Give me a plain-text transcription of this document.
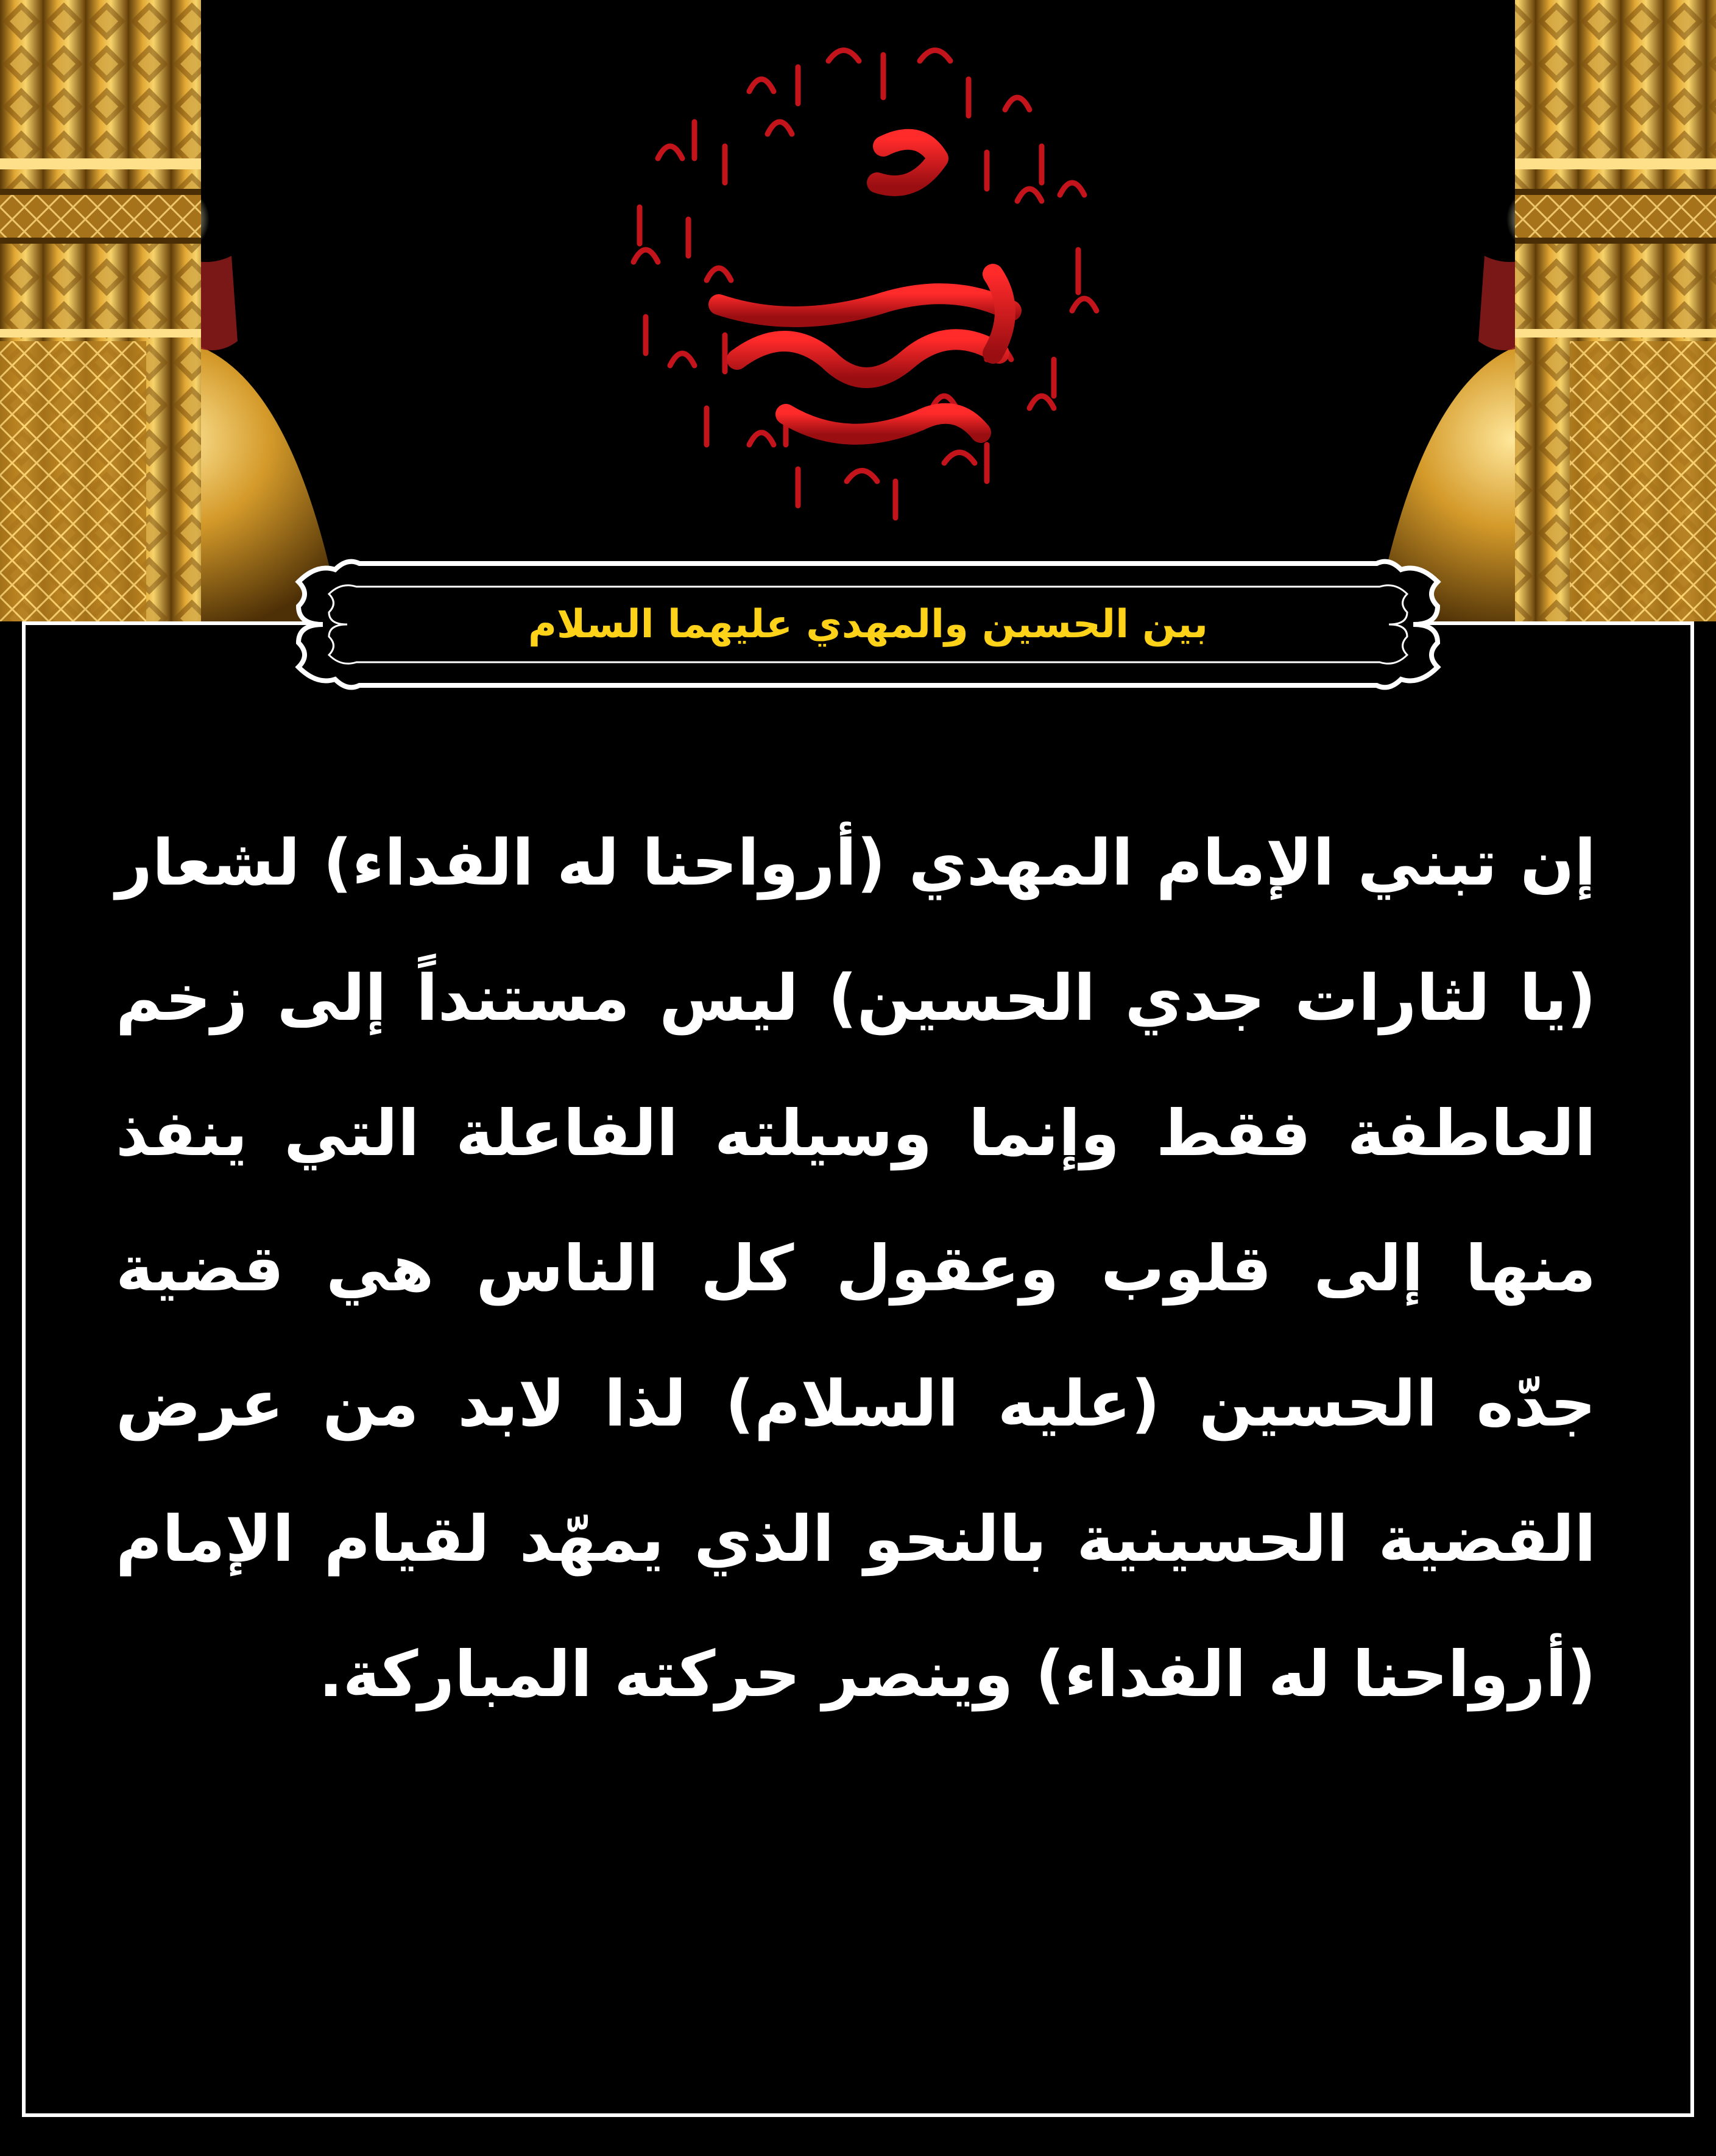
بين الحسين والمهدي عليهما السلام
إن تبني الإمام المهدي (أرواحنا له الفداء) لشعار (يا لثارات جدي الحسين) ليس مستنداً إلى زخم العاطفة فقط وإنما وسيلته الفاعلة التي ينفذ منها إلى قلوب وعقول كل الناس هي قضية جدّه الحسين (عليه السلام) لذا لابد من عرض القضية الحسينية بالنحو الذي يمهّد لقيام الإمام (أرواحنا له الفداء) وينصر حركته المباركة.
